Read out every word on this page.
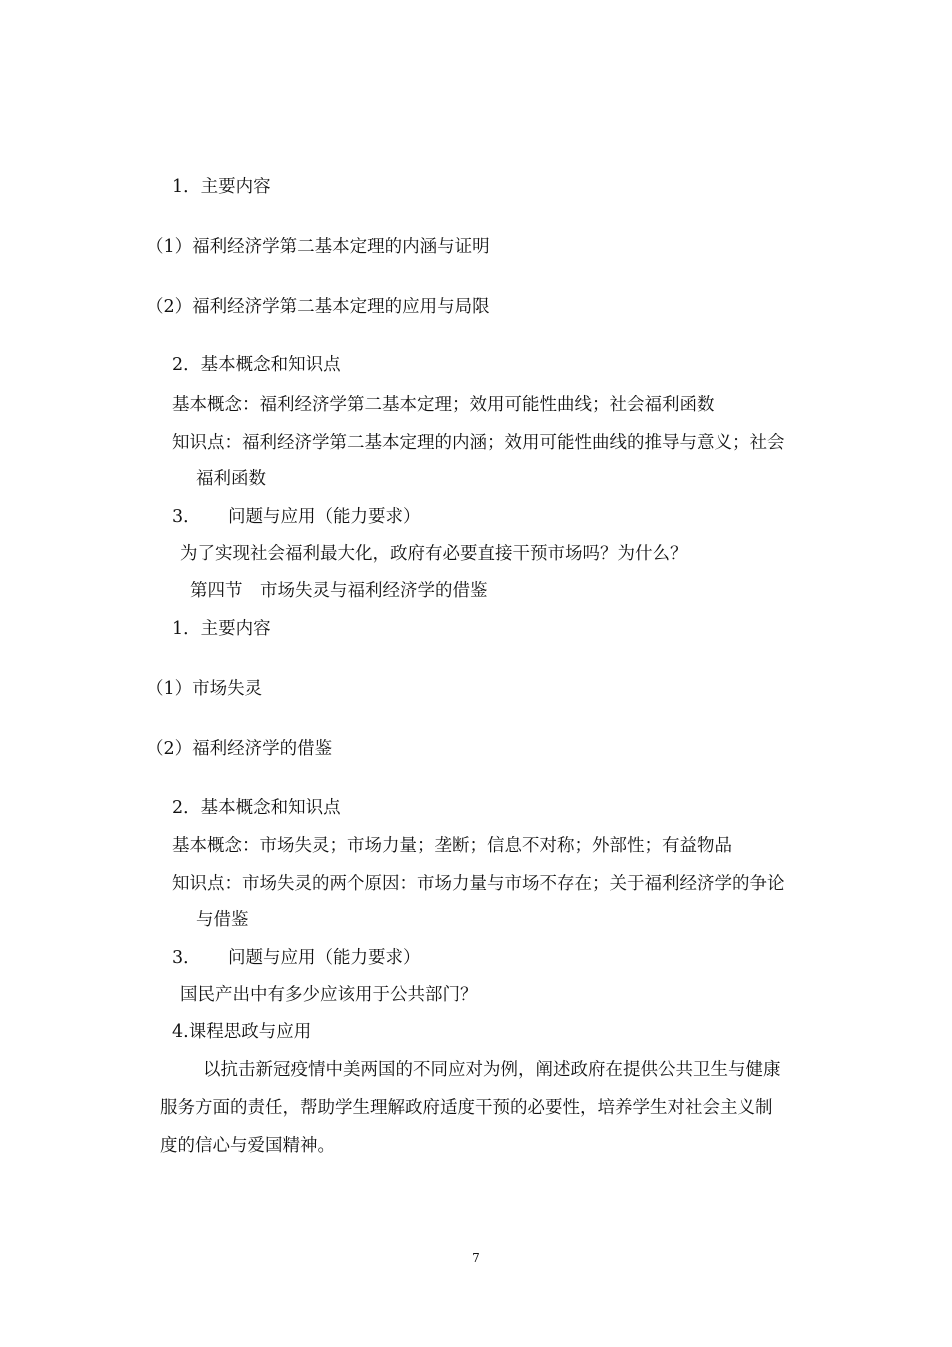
1．主要内容
（1）福利经济学第二基本定理的内涵与证明
（2）福利经济学第二基本定理的应用与局限
2．基本概念和知识点
基本概念：福利经济学第二基本定理；效用可能性曲线；社会福利函数
知识点：福利经济学第二基本定理的内涵；效用可能性曲线的推导与意义；社会
福利函数
3． 问题与应用（能力要求）
为了实现社会福利最大化，政府有必要直接干预市场吗？为什么？
第四节　市场失灵与福利经济学的借鉴
1．主要内容
（1）市场失灵
（2）福利经济学的借鉴
2．基本概念和知识点
基本概念：市场失灵；市场力量；垄断；信息不对称；外部性；有益物品
知识点：市场失灵的两个原因：市场力量与市场不存在；关于福利经济学的争论
与借鉴
3． 问题与应用（能力要求）
国民产出中有多少应该用于公共部门？
4.课程思政与应用
以抗击新冠疫情中美两国的不同应对为例，阐述政府在提供公共卫生与健康
服务方面的责任，帮助学生理解政府适度干预的必要性，培养学生对社会主义制
度的信心与爱国精神。
7
